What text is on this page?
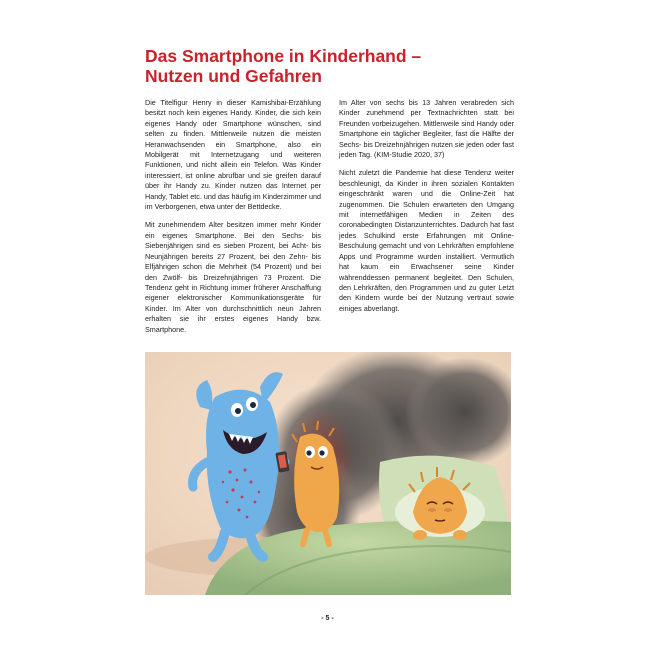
Das Smartphone in Kinderhand –
Nutzen und Gefahren

Die Titelfigur Henry in dieser Kamishibai-Erzählung besitzt noch kein eigenes Handy. Kinder, die sich kein eigenes Handy oder Smartphone wünschen, sind selten zu finden. Mittlerweile nutzen die meisten Heranwachsenden ein Smartphone, also ein Mobilgerät mit Internetzugang und weiteren Funktionen, und nicht allein ein Telefon. Was Kinder interessiert, ist online abrufbar und sie greifen darauf über ihr Handy zu. Kinder nutzen das Internet per Handy, Tablet etc. und das häufig im Kinderzimmer und im Verborgenen, etwa unter der Bettdecke.

Mit zunehmendem Alter besitzen immer mehr Kinder ein eigenes Smartphone. Bei den Sechs- bis Siebenjährigen sind es sieben Prozent, bei Acht- bis Neunjährigen bereits 27 Prozent, bei den Zehn- bis Elfjährigen schon die Mehrheit (54 Prozent) und bei den Zwölf- bis Dreizehnjährigen 73 Prozent. Die Tendenz geht in Richtung immer früherer Anschaffung eigener elektronischer Kommunikationsgeräte für Kinder. Im Alter von durchschnittlich neun Jahren erhalten sie ihr erstes eigenes Handy bzw. Smartphone.

Im Alter von sechs bis 13 Jahren verabreden sich Kinder zunehmend per Textnachrichten statt bei Freunden vorbeizugehen. Mittlerweile sind Handy oder Smartphone ein täglicher Begleiter, fast die Hälfte der Sechs- bis Dreizehnjährigen nutzen sie jeden oder fast jeden Tag. (KIM-Studie 2020, 37)

Nicht zuletzt die Pandemie hat diese Tendenz weiter beschleunigt, da Kinder in ihren sozialen Kontakten eingeschränkt waren und die Online-Zeit hat zugenommen. Die Schulen erwarteten den Umgang mit internetfähigen Medien in Zeiten des coronabedingten Distanzunterrichtes. Dadurch hat fast jedes Schulkind erste Erfahrungen mit Online-Beschulung gemacht und von Lehrkräften empfohlene Apps und Programme wurden installiert. Vermutlich hat kaum ein Erwachsener seine Kinder währenddessen permanent begleitet. Den Schulen, den Lehrkräften, den Programmen und zu guter Letzt den Kindern wurde bei der Nutzung vertraut sowie einiges abverlangt.

- 5 -
